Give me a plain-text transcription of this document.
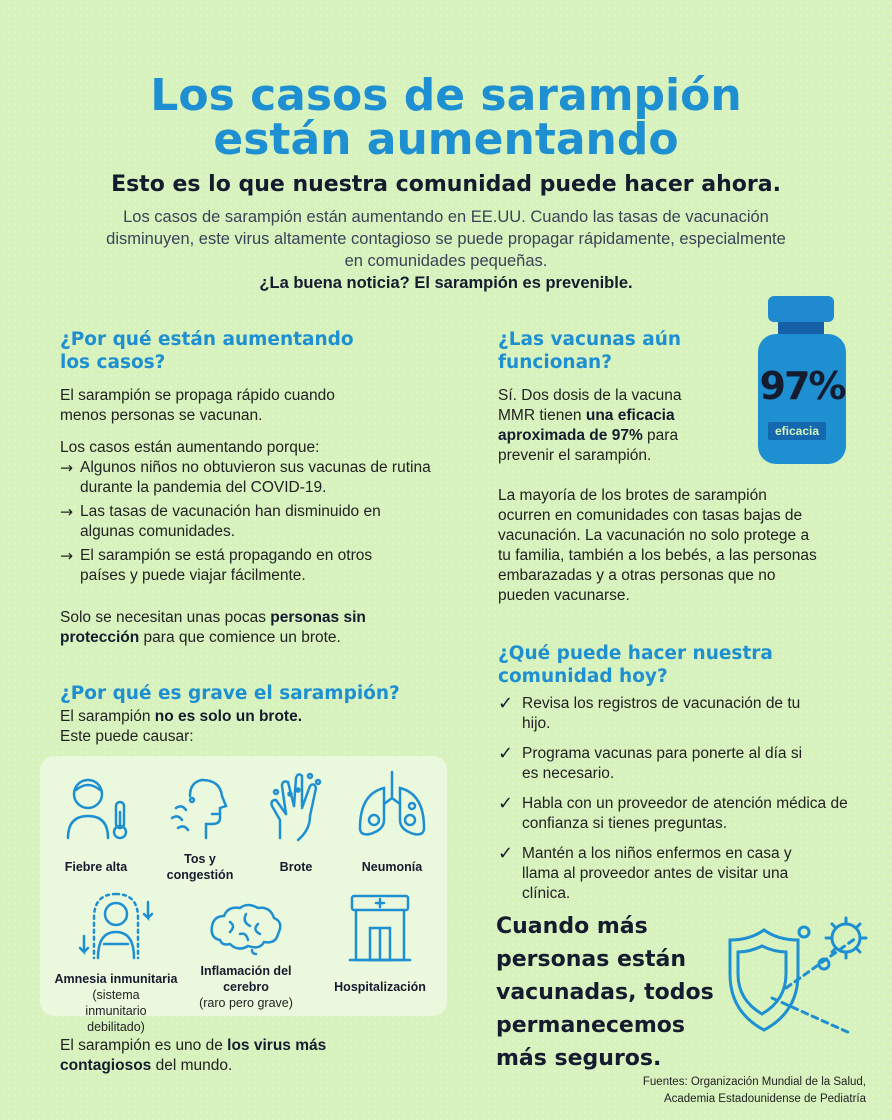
Los casos de sarampión
están aumentando
Esto es lo que nuestra comunidad puede hacer ahora.
Los casos de sarampión están aumentando en EE.UU. Cuando las tasas de vacunación disminuyen, este virus altamente contagioso se puede propagar rápidamente, especialmente en comunidades pequeñas.
¿La buena noticia? El sarampión es prevenible.
¿Por qué están aumentando los casos?
El sarampión se propaga rápido cuando menos personas se vacunan.
Los casos están aumentando porque:
→ Algunos niños no obtuvieron sus vacunas de rutina durante la pandemia del COVID-19.
→ Las tasas de vacunación han disminuido en algunas comunidades.
→ El sarampión se está propagando en otros países y puede viajar fácilmente.
Solo se necesitan unas pocas personas sin protección para que comience un brote.
¿Por qué es grave el sarampión?
El sarampión no es solo un brote.
Este puede causar:
Fiebre alta
Tos y congestión
Brote	Neumonía
Amnesia inmunitaria
(sistema inmunitario debilitado)
Inflamación del cerebro
(raro pero grave)
Hospitalización
El sarampión es uno de los virus más contagiosos del mundo.
¿Las vacunas aún funcionan?
Sí. Dos dosis de la vacuna MMR tienen una eficacia aproximada de 97% para prevenir el sarampión.
97%
eficacia
La mayoría de los brotes de sarampión ocurren en comunidades con tasas bajas de vacunación. La vacunación no solo protege a tu familia, también a los bebés, a las personas embarazadas y a otras personas que no pueden vacunarse.
¿Qué puede hacer nuestra comunidad hoy?
✓ Revisa los registros de vacunación de tu hijo.
✓ Programa vacunas para ponerte al día si es necesario.
✓ Habla con un proveedor de atención médica de confianza si tienes preguntas.
✓ Mantén a los niños enfermos en casa y llama al proveedor antes de visitar una clínica.
Cuando más personas están vacunadas, todos permanecemos más seguros.
Fuentes: Organización Mundial de la Salud,
Academia Estadounidense de Pediatría
